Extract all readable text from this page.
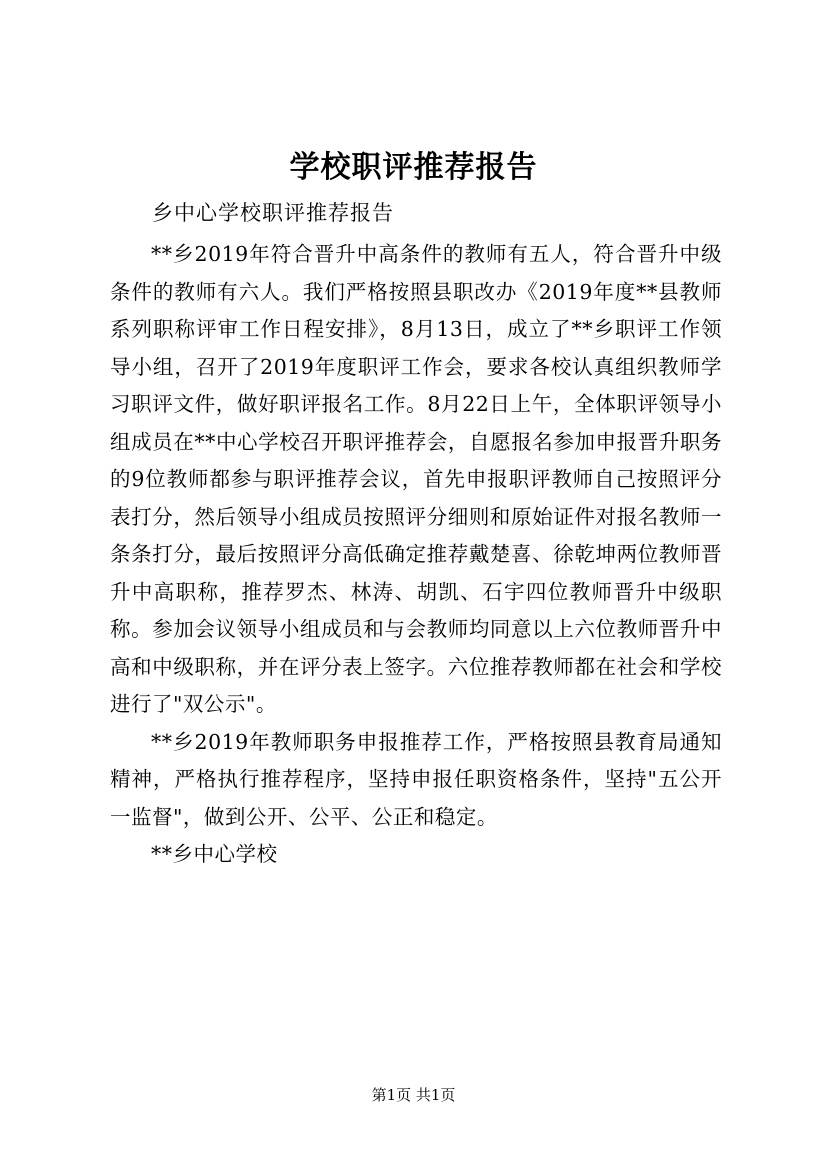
学校职评推荐报告
乡中心学校职评推荐报告

**乡2019年符合晋升中高条件的教师有五人，符合晋升中级条件的教师有六人。我们严格按照县职改办《2019年度**县教师系列职称评审工作日程安排》，8月13日，成立了**乡职评工作领导小组，召开了2019年度职评工作会，要求各校认真组织教师学习职评文件，做好职评报名工作。8月22日上午，全体职评领导小组成员在**中心学校召开职评推荐会，自愿报名参加申报晋升职务的9位教师都参与职评推荐会议，首先申报职评教师自己按照评分表打分，然后领导小组成员按照评分细则和原始证件对报名教师一条条打分，最后按照评分高低确定推荐戴楚喜、徐乾坤两位教师晋升中高职称，推荐罗杰、林涛、胡凯、石宇四位教师晋升中级职称。参加会议领导小组成员和与会教师均同意以上六位教师晋升中高和中级职称，并在评分表上签字。六位推荐教师都在社会和学校进行了"双公示"。

**乡2019年教师职务申报推荐工作，严格按照县教育局通知精神，严格执行推荐程序，坚持申报任职资格条件，坚持"五公开一监督"，做到公开、公平、公正和稳定。

**乡中心学校

第1页 共1页
